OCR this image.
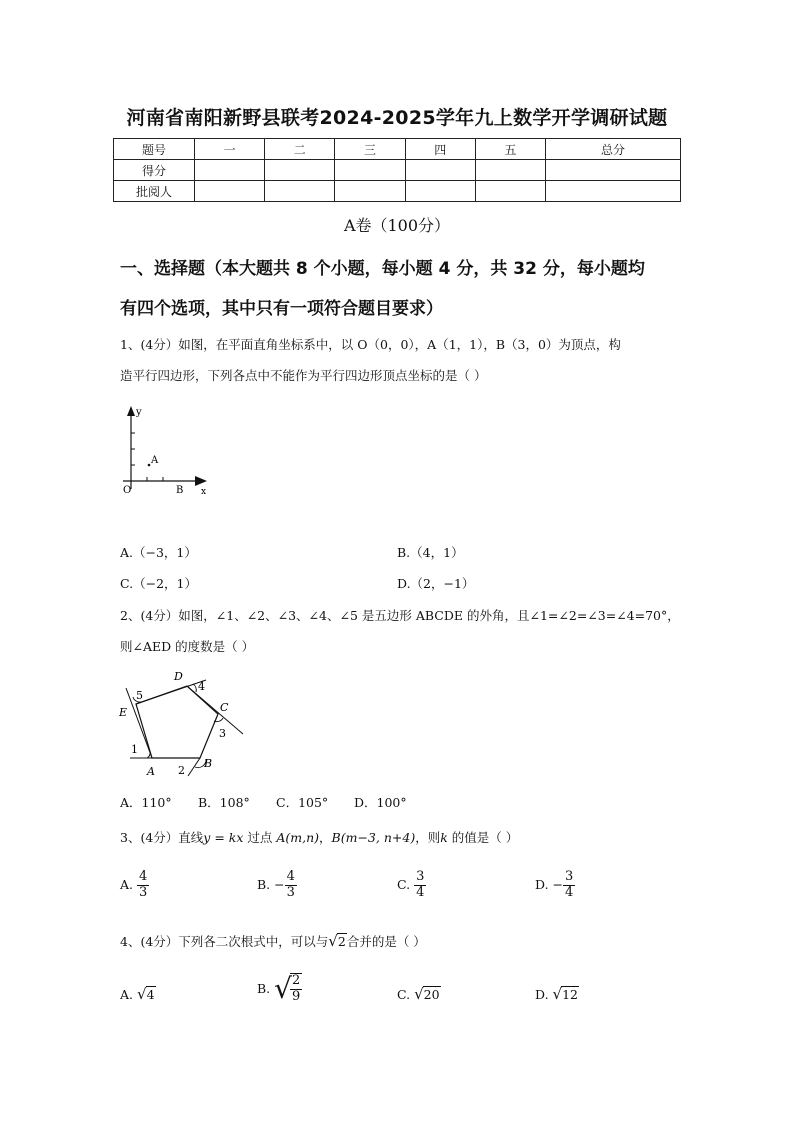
河南省南阳新野县联考2024-2025学年九上数学开学调研试题
题号	一	二	三	四	五	总分
得分						
批阅人						
A卷（100分）
一、选择题（本大题共 8 个小题，每小题 4 分，共 32 分，每小题均
有四个选项，其中只有一项符合题目要求）
1、(4分）如图，在平面直角坐标系中，以 O（0，0），A（1，1），B（3，0）为顶点，构
造平行四边形，下列各点中不能作为平行四边形顶点坐标的是（ ）
y
x
O
A
B
A.（−3，1）	B.（4，1）
C.（−2，1）	D.（2，−1）
2、(4分）如图，∠1、∠2、∠3、∠4、∠5 是五边形 ABCDE 的外角，且∠1=∠2=∠3=∠4=70°，
则∠AED 的度数是（ ）
A
B
C
D
E
1
2
3
4
5
A．110° B．108° C．105° D．100°
3、(4分）直线y = kx 过点 A(m,n)，B(m−3, n+4)，则k 的值是（ ）
A. $\frac{4}{3}$	B. − $\frac{4}{3}$	C. $\frac{3}{4}$	D. − $\frac{3}{4}$
4、(4分）下列各二次根式中，可以与√2合并的是（ ）
A. √4	B. √
$\frac{2}{9}$	C. √20	D. √12
